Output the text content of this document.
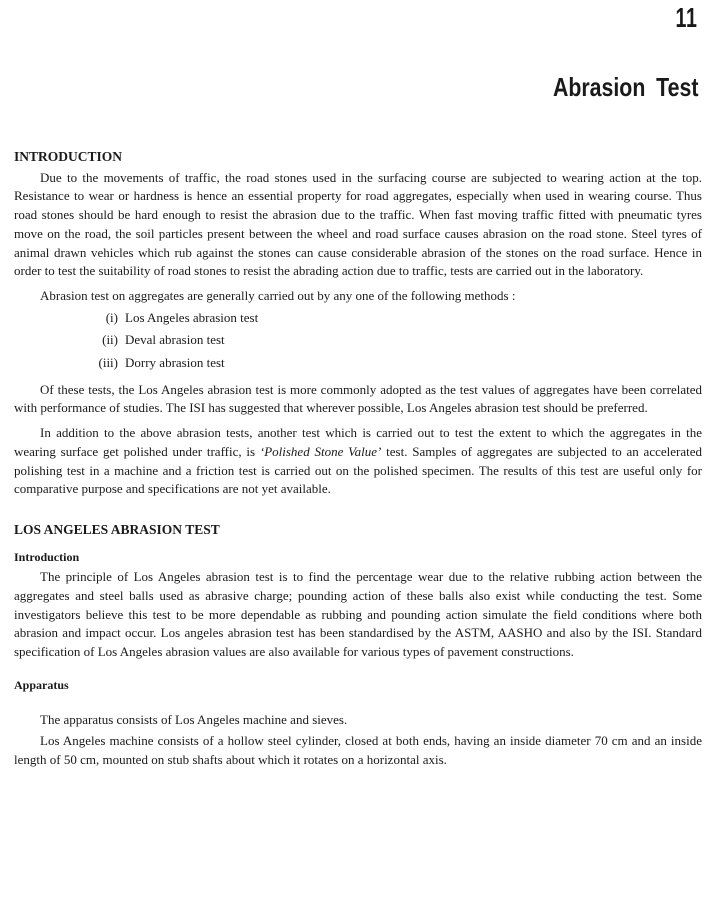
11
Abrasion Test
INTRODUCTION

Due to the movements of traffic, the road stones used in the surfacing course are subjected to wearing action at the top. Resistance to wear or hardness is hence an essential property for road aggregates, especially when used in wearing course. Thus road stones should be hard enough to resist the abrasion due to the traffic. When fast moving traffic fitted with pneumatic tyres move on the road, the soil particles present between the wheel and road surface causes abrasion on the road stone. Steel tyres of animal drawn vehicles which rub against the stones can cause considerable abrasion of the stones on the road surface. Hence in order to test the suitability of road stones to resist the abrading action due to traffic, tests are carried out in the laboratory.

Abrasion test on aggregates are generally carried out by any one of the following methods :

(i) Los Angeles abrasion test
(ii) Deval abrasion test
(iii) Dorry abrasion test

Of these tests, the Los Angeles abrasion test is more commonly adopted as the test values of aggregates have been correlated with performance of studies. The ISI has suggested that wherever possible, Los Angeles abrasion test should be preferred.

In addition to the above abrasion tests, another test which is carried out to test the extent to which the aggregates in the wearing surface get polished under traffic, is ‘Polished Stone Value’ test. Samples of aggregates are subjected to an accelerated polishing test in a machine and a friction test is carried out on the polished specimen. The results of this test are useful only for comparative purpose and specifications are not yet available.

LOS ANGELES ABRASION TEST
Introduction

The principle of Los Angeles abrasion test is to find the percentage wear due to the relative rubbing action between the aggregates and steel balls used as abrasive charge; pounding action of these balls also exist while conducting the test. Some investigators believe this test to be more dependable as rubbing and pounding action simulate the field conditions where both abrasion and impact occur. Los angeles abrasion test has been standardised by the ASTM, AASHO and also by the ISI. Standard specification of Los Angeles abrasion values are also available for various types of pavement constructions.

Apparatus

The apparatus consists of Los Angeles machine and sieves.

Los Angeles machine consists of a hollow steel cylinder, closed at both ends, having an inside diameter 70 cm and an inside length of 50 cm, mounted on stub shafts about which it rotates on a horizontal axis.
